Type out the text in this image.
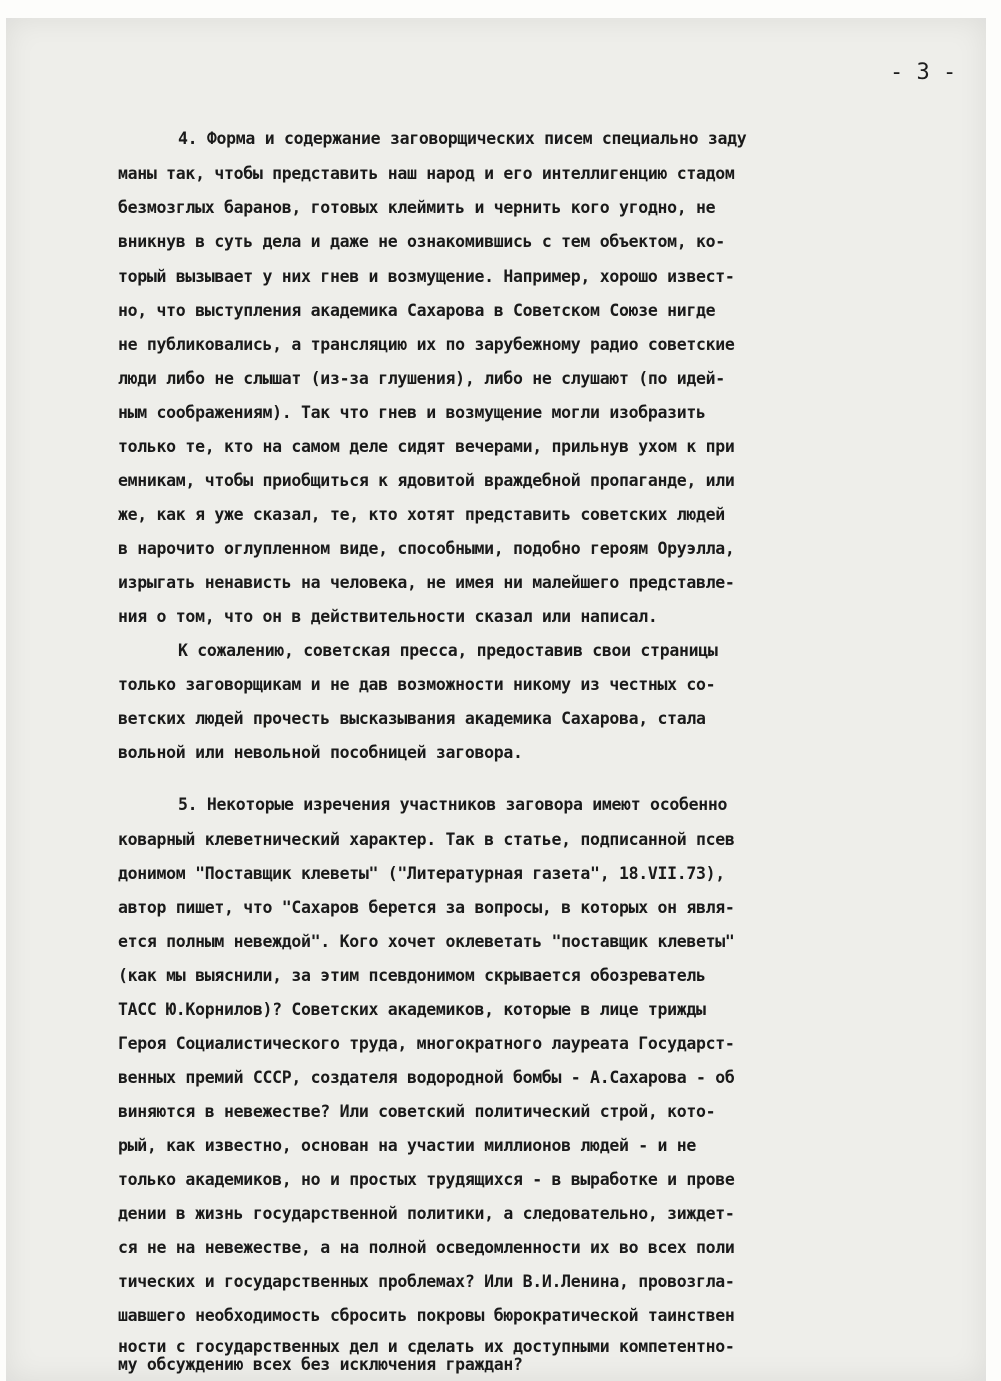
- 3 -
4. Форма и содержание заговорщических писем специально заду
маны так, чтобы представить наш народ и его интеллигенцию стадом
безмозглых баранов, готовых клеймить и чернить кого угодно, не
вникнув в суть дела и даже не ознакомившись с тем объектом, ко-
торый вызывает у них гнев и возмущение. Например, хорошо извест-
но, что выступления академика Сахарова в Советском Союзе нигде
не публиковались, а трансляцию их по зарубежному радио советские
люди либо не слышат (из-за глушения), либо не слушают (по идей-
ным соображениям). Так что гнев и возмущение могли изобразить
только те, кто на самом деле сидят вечерами, прильнув ухом к при
емникам, чтобы приобщиться к ядовитой враждебной пропаганде, или
же, как я уже сказал, те, кто хотят представить советских людей
в нарочито оглупленном виде, способными, подобно героям Оруэлла,
изрыгать ненависть на человека, не имея ни малейшего представле-
ния о том, что он в действительности сказал или написал.
К сожалению, советская пресса, предоставив свои страницы
только заговорщикам и не дав возможности никому из честных со-
ветских людей прочесть высказывания академика Сахарова, стала
вольной или невольной пособницей заговора.
5. Некоторые изречения участников заговора имеют особенно
коварный клеветнический характер. Так в статье, подписанной псев
донимом "Поставщик клеветы" ("Литературная газета", 18.VII.73),
автор пишет, что "Сахаров берется за вопросы, в которых он явля-
ется полным невеждой". Кого хочет оклеветать "поставщик клеветы"
(как мы выяснили, за этим псевдонимом скрывается обозреватель
ТАСС Ю.Корнилов)? Советских академиков, которые в лице трижды
Героя Социалистического труда, многократного лауреата Государст-
венных премий СССР, создателя водородной бомбы - А.Сахарова - об
виняются в невежестве? Или советский политический строй, кото-
рый, как известно, основан на участии миллионов людей - и не
только академиков, но и простых трудящихся - в выработке и прове
дении в жизнь государственной политики, а следовательно, зиждет-
ся не на невежестве, а на полной осведомленности их во всех поли
тических и государственных проблемах? Или В.И.Ленина, провозгла-
шавшего необходимость сбросить покровы бюрократической таинствен
ности с государственных дел и сделать их доступными компетентно-
му обсуждению всех без исключения граждан?
